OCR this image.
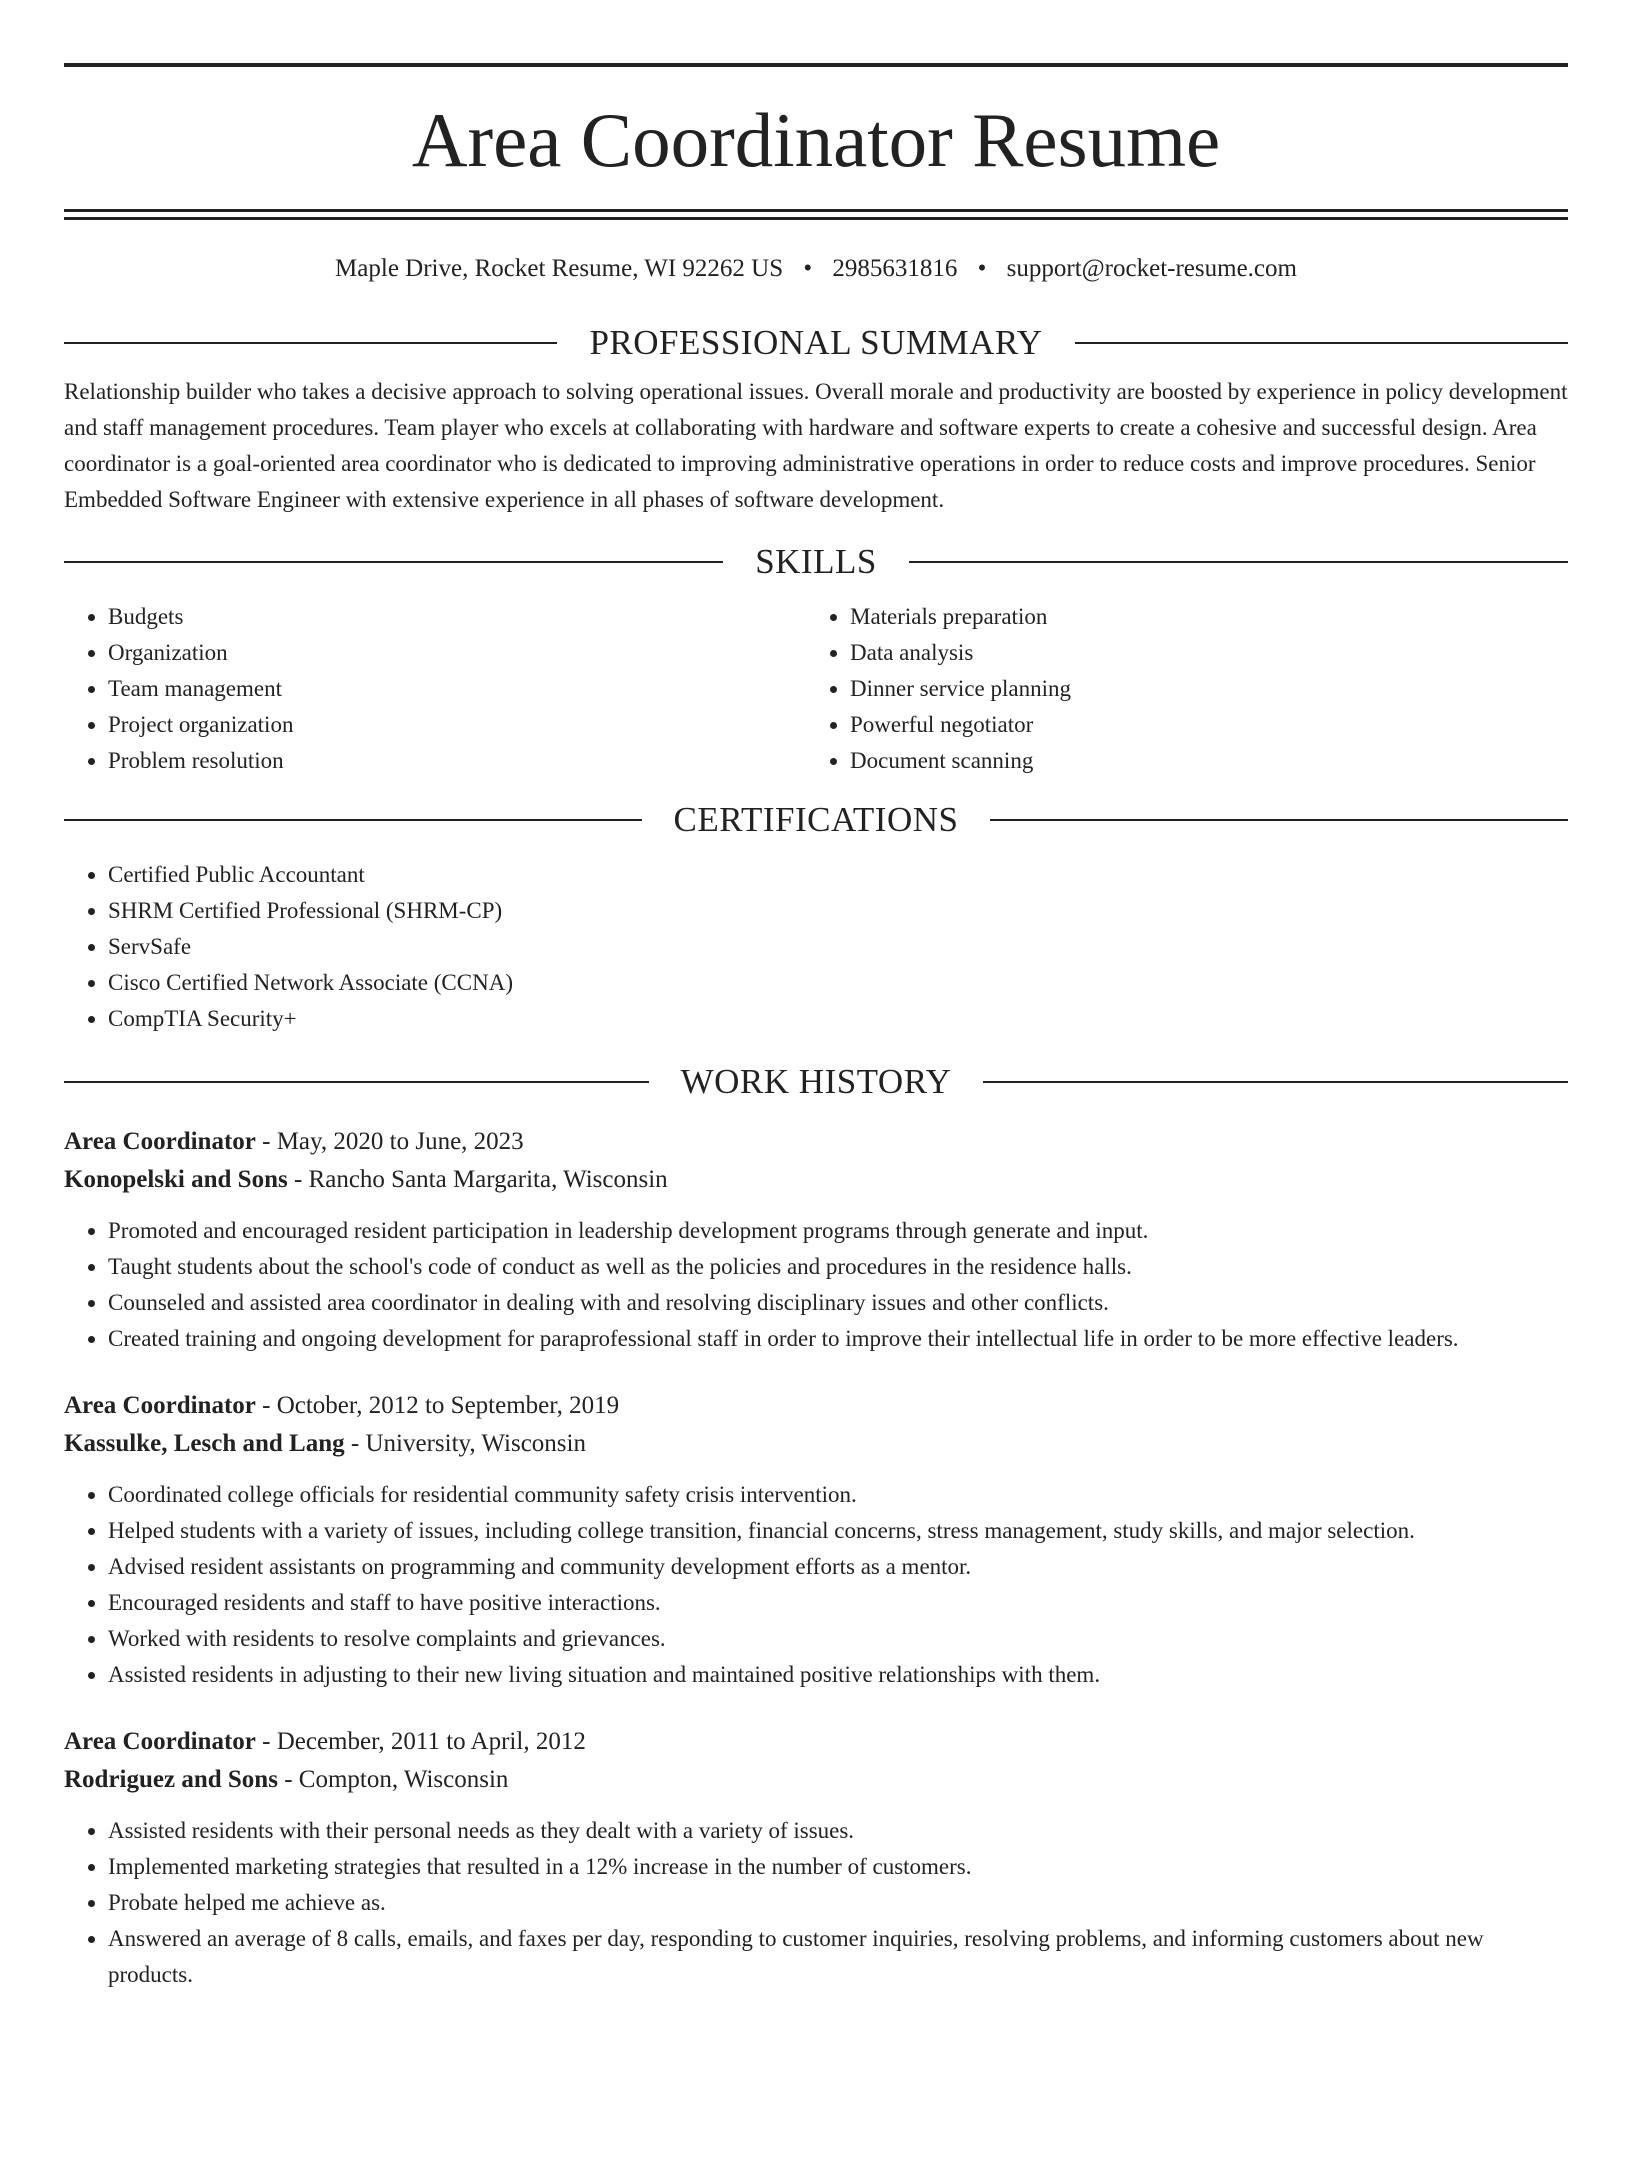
Area Coordinator Resume
Maple Drive, Rocket Resume, WI 92262 US • 2985631816 • support@rocket-resume.com
PROFESSIONAL SUMMARY

Relationship builder who takes a decisive approach to solving operational issues. Overall morale and productivity are boosted by experience in policy development and staff management procedures. Team player who excels at collaborating with hardware and software experts to create a cohesive and successful design. Area coordinator is a goal-oriented area coordinator who is dedicated to improving administrative operations in order to reduce costs and improve procedures. Senior Embedded Software Engineer with extensive experience in all phases of software development.

SKILLS
• Budgets
• Organization
• Team management
• Project organization
• Problem resolution
• Materials preparation
• Data analysis
• Dinner service planning
• Powerful negotiator
• Document scanning
CERTIFICATIONS
• Certified Public Accountant
• SHRM Certified Professional (SHRM-CP)
• ServSafe
• Cisco Certified Network Associate (CCNA)
• CompTIA Security+
WORK HISTORY
Area Coordinator - May, 2020 to June, 2023
Konopelski and Sons - Rancho Santa Margarita, Wisconsin
• Promoted and encouraged resident participation in leadership development programs through generate and input.
• Taught students about the school's code of conduct as well as the policies and procedures in the residence halls.
• Counseled and assisted area coordinator in dealing with and resolving disciplinary issues and other conflicts.
• Created training and ongoing development for paraprofessional staff in order to improve their intellectual life in order to be more effective leaders.
Area Coordinator - October, 2012 to September, 2019
Kassulke, Lesch and Lang - University, Wisconsin
• Coordinated college officials for residential community safety crisis intervention.
• Helped students with a variety of issues, including college transition, financial concerns, stress management, study skills, and major selection.
• Advised resident assistants on programming and community development efforts as a mentor.
• Encouraged residents and staff to have positive interactions.
• Worked with residents to resolve complaints and grievances.
• Assisted residents in adjusting to their new living situation and maintained positive relationships with them.
Area Coordinator - December, 2011 to April, 2012
Rodriguez and Sons - Compton, Wisconsin
• Assisted residents with their personal needs as they dealt with a variety of issues.
• Implemented marketing strategies that resulted in a 12% increase in the number of customers.
• Probate helped me achieve as.
• Answered an average of 8 calls, emails, and faxes per day, responding to customer inquiries, resolving problems, and informing customers about new products.
